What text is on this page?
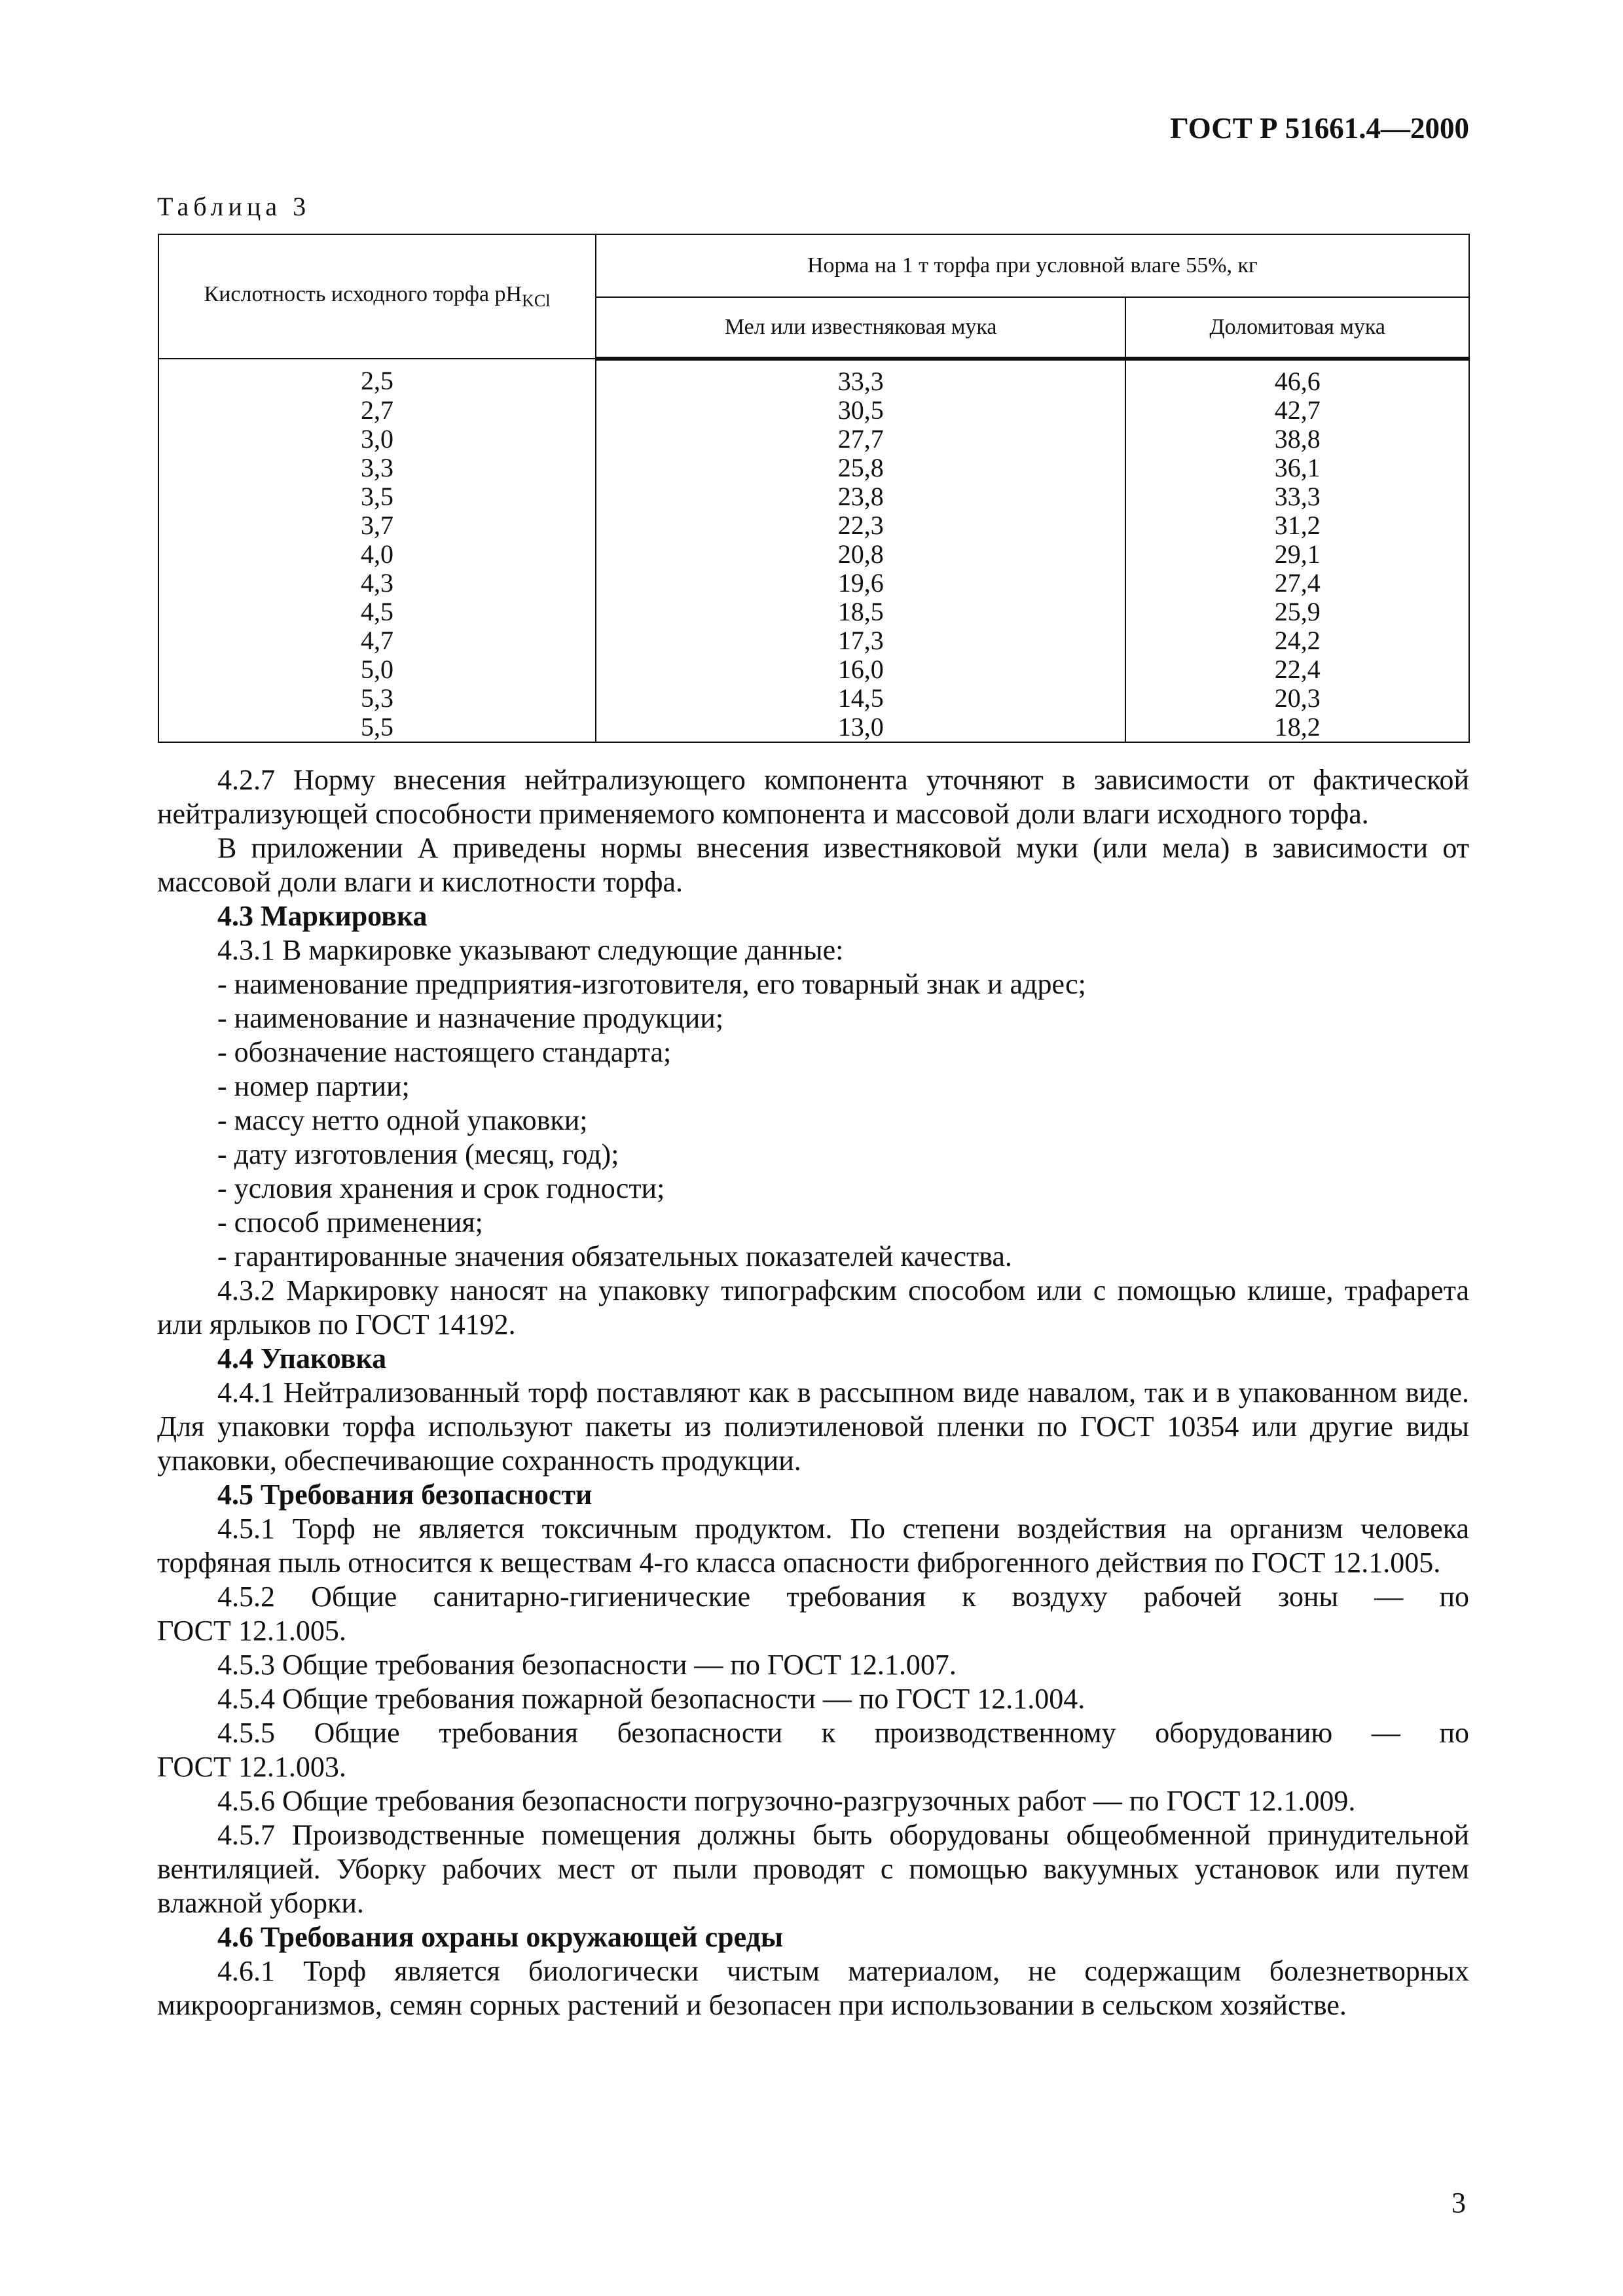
ГОСТ Р 51661.4—2000
Таблица 3
Кислотность исходного торфа $pH_{KCl}$	Норма на 1 т торфа при условной влаге 55%, кг	
	Мел или известняковая мука	Доломитовая мука
2,5	33,3	46,6
2,7	30,5	42,7
3,0	27,7	38,8
3,3	25,8	36,1
3,5	23,8	33,3
3,7	22,3	31,2
4,0	20,8	29,1
4,3	19,6	27,4
4,5	18,5	25,9
4,7	17,3	24,2
5,0	16,0	22,4
5,3	14,5	20,3
5,5	13,0	18,2

4.2.7 Норму внесения нейтрализующего компонента уточняют в зависимости от фактической нейтрализующей способности применяемого компонента и массовой доли влаги исходного торфа.

В приложении А приведены нормы внесения известняковой муки (или мела) в зависимости от массовой доли влаги и кислотности торфа.

4.3 Маркировка

4.3.1 В маркировке указывают следующие данные:

- наименование предприятия-изготовителя, его товарный знак и адрес;

- наименование и назначение продукции;

- обозначение настоящего стандарта;

- номер партии;

- массу нетто одной упаковки;

- дату изготовления (месяц, год);

- условия хранения и срок годности;

- способ применения;

- гарантированные значения обязательных показателей качества.

4.3.2 Маркировку наносят на упаковку типографским способом или с помощью клише, трафарета или ярлыков по ГОСТ 14192.

4.4 Упаковка

4.4.1 Нейтрализованный торф поставляют как в рассыпном виде навалом, так и в упакованном виде. Для упаковки торфа используют пакеты из полиэтиленовой пленки по ГОСТ 10354 или другие виды упаковки, обеспечивающие сохранность продукции.

4.5 Требования безопасности

4.5.1 Торф не является токсичным продуктом. По степени воздействия на организм человека торфяная пыль относится к веществам 4-го класса опасности фиброгенного действия по ГОСТ 12.1.005.

4.5.2 Общие санитарно-гигиенические требования к воздуху рабочей зоны — по

ГОСТ 12.1.005.

4.5.3 Общие требования безопасности — по ГОСТ 12.1.007.

4.5.4 Общие требования пожарной безопасности — по ГОСТ 12.1.004.

4.5.5 Общие требования безопасности к производственному оборудованию — по

ГОСТ 12.1.003.

4.5.6 Общие требования безопасности погрузочно-разгрузочных работ — по ГОСТ 12.1.009.

4.5.7 Производственные помещения должны быть оборудованы общеобменной принудительной вентиляцией. Уборку рабочих мест от пыли проводят с помощью вакуумных установок или путем влажной уборки.

4.6 Требования охраны окружающей среды

4.6.1 Торф является биологически чистым материалом, не содержащим болезнетворных микроорганизмов, семян сорных растений и безопасен при использовании в сельском хозяйстве.

3
